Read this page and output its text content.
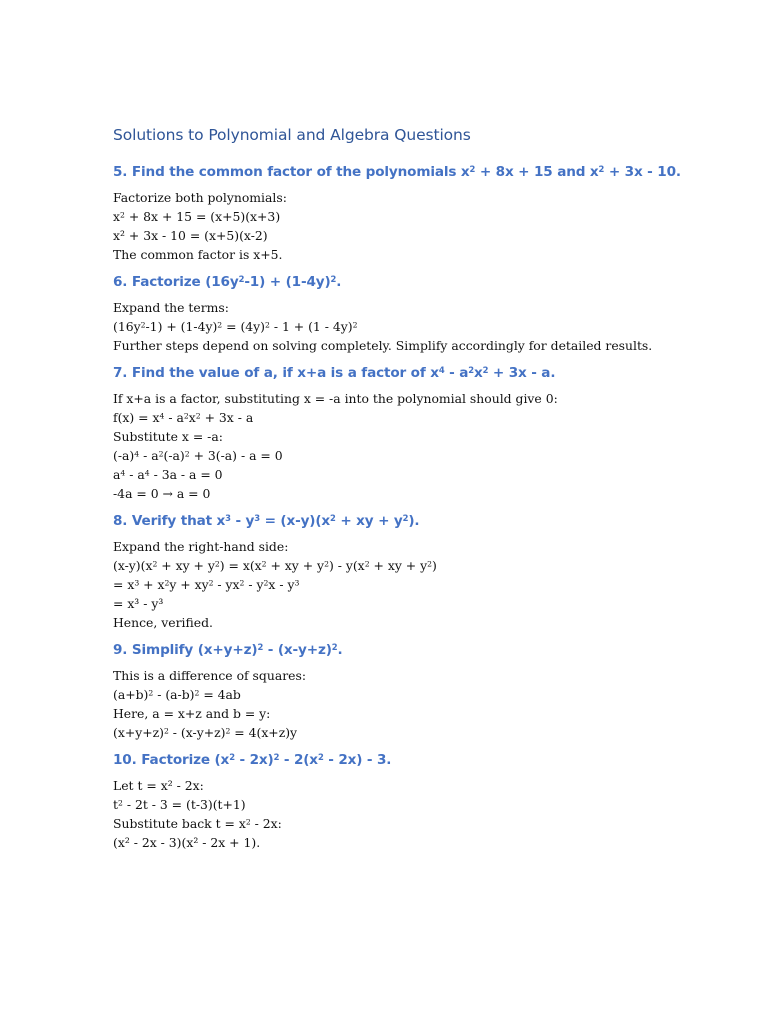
Solutions to Polynomial and Algebra Questions
5. Find the common factor of the polynomials $x^2 + 8x + 15$ and $x^2 + 3x - 10$.
Factorize both polynomials:
$x^2 + 8x + 15 = (x+5)(x+3)$
x² + 3x - 10 = (x+5)(x-2)
The common factor is x+5.
6. Factorize $(16y^2-1) + (1-4y)^2$.
Expand the terms:
$(16y^2-1) + (1-4y)^2 = (4y)^2 - 1 + (1 - 4y)^2$
Further steps depend on solving completely. Simplify accordingly for detailed results.
7. Find the value of a, if x+a is a factor of $x^4 - a^2x^2 + 3x - a$.
If x+a is a factor, substituting x = -a into the polynomial should give 0:
$f(x) = x^4 - a^2x^2 + 3x - a$
Substitute x = -a:
$(-a)^4 - a^2(-a)^2 + 3(-a) - a = 0$
$a^4 - a^4 - 3a - a = 0$
-4a = 0 → a = 0
8. Verify that $x^3 - y^3 = (x-y)(x^2$ + xy + $y^2$).
Expand the right-hand side:
$(x-y)(x^2$ + xy + $y^2) = x(x^2$ + xy + $y^2) - y(x^2$ + xy + $y^2$)
= $x^3 + x^2y + xy^2 - yx^2 - y^2x - y^3$
= x³ - y³
Hence, verified.
9. Simplify $(x+y+z)^2 - (x-y+z)^2$.
This is a difference of squares:
$(a+b)^2 - (a-b)^2 = 4ab$
Here, a = x+z and b = y:
$(x+y+z)^2 - (x-y+z)^2 = 4(x+z)y$
10. Factorize $(x^2 - 2x)^2 - 2(x^2 - 2x) - 3$.
Let t = x² - 2x:
$t^2 - 2t - 3 = (t-3)(t+1)$
Substitute back $t = x^2 - 2x$:
(x² - 2x - 3)(x² - 2x + 1).
